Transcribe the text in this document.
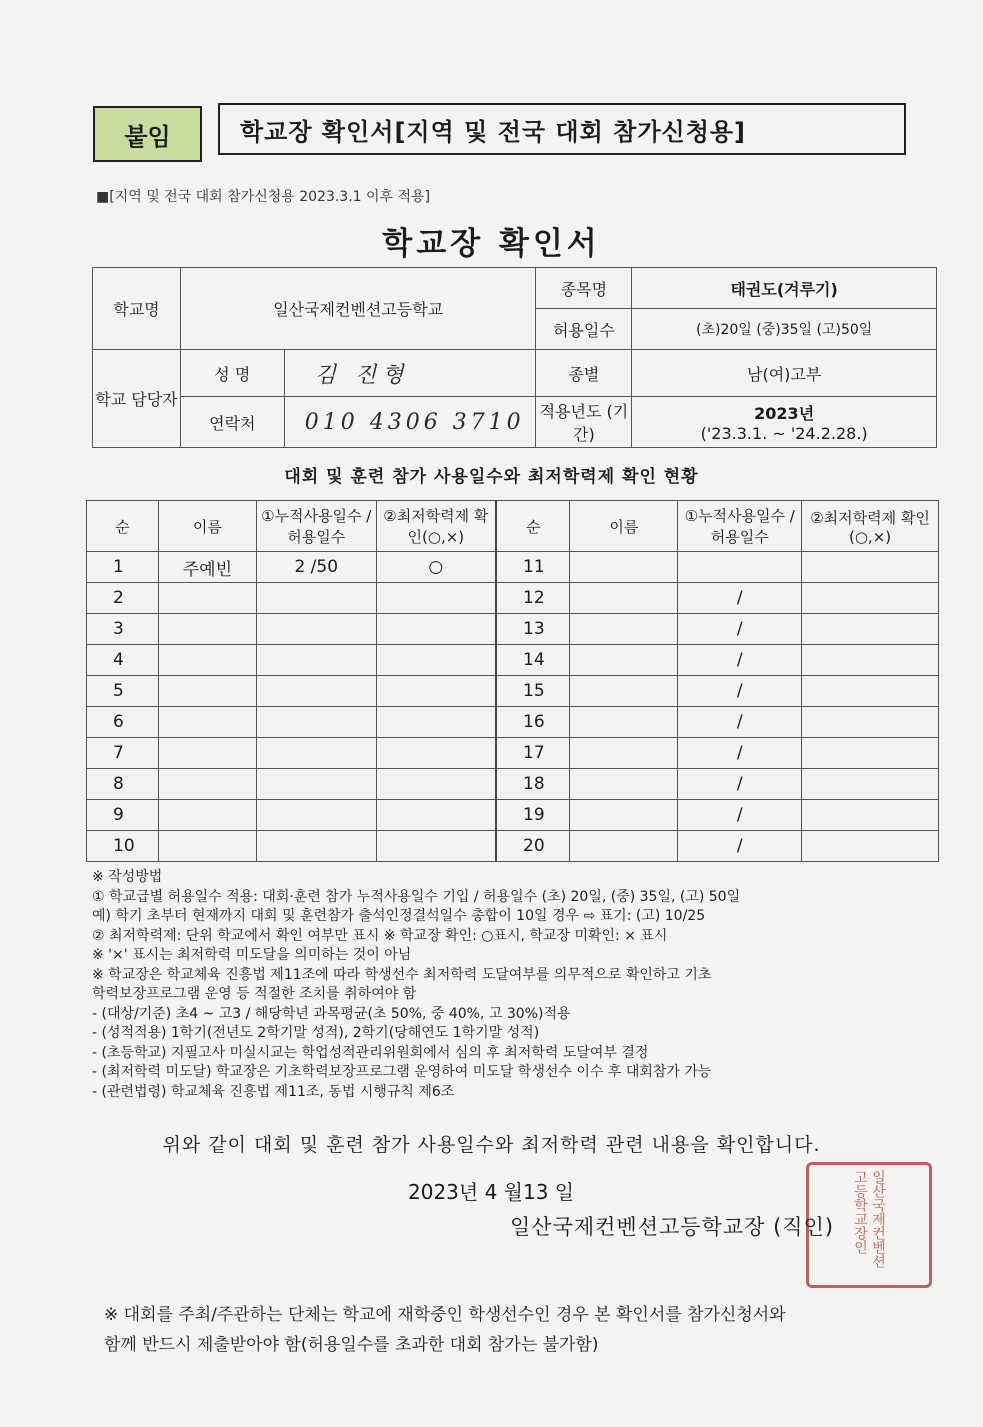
붙임	학교장 확인서[지역 및 전국 대회 참가신청용]
■[지역 및 전국 대회 참가신청용 2023.3.1 이후 적용]
학교장 확인서
학교명	일산국제컨벤션고등학교		종목명	태권도(겨루기)
			허용일수	(초)20일 (중)35일 (고)50일
학교 담당자	성 명	김 진형	종별	남(여)고부
	연락처	010 4306 3710	적용년도 (기간)	2023년
('23.3.1. ~ '24.2.28.)
대회 및 훈련 참가 사용일수와 최저학력제 확인 현황
순	이름	①누적사용일수 /허용일수	②최저학력제 확인(○,×)	순	이름	①누적사용일수 /허용일수	②최저학력제 확인(○,×)
1	주예빈	2 /50	○	11			
2				12		/	
3				13		/	
4				14		/	
5				15		/	
6				16		/	
7				17		/	
8				18		/	
9				19		/	
10				20		/	
※ 작성방법
① 학교급별 허용일수 적용: 대회·훈련 참가 누적사용일수 기입 / 허용일수 (초) 20일, (중) 35일, (고) 50일
예) 학기 초부터 현재까지 대회 및 훈련참가 출석인정결석일수 총합이 10일 경우 ⇨ 표기: (고) 10/25
② 최저학력제: 단위 학교에서 확인 여부만 표시 ※ 학교장 확인: ○표시, 학교장 미확인: × 표시
※ '×' 표시는 최저학력 미도달을 의미하는 것이 아님
※ 학교장은 학교체육 진흥법 제11조에 따라 학생선수 최저학력 도달여부를 의무적으로 확인하고 기초
학력보장프로그램 운영 등 적절한 조치를 취하여야 함
- (대상/기준) 초4 ~ 고3 / 해당학년 과목평균(초 50%, 중 40%, 고 30%)적용
- (성적적용) 1학기(전년도 2학기말 성적), 2학기(당해연도 1학기말 성적)
- (초등학교) 지필고사 미실시교는 학업성적관리위원회에서 심의 후 최저학력 도달여부 결정
- (최저학력 미도달) 학교장은 기초학력보장프로그램 운영하여 미도달 학생선수 이수 후 대회참가 가능
- (관련법령) 학교체육 진흥법 제11조, 동법 시행규칙 제6조
위와 같이 대회 및 훈련 참가 사용일수와 최저학력 관련 내용을 확인합니다.
2023년 4 월13 일	일산국제컨벤션고등학교장인
일산국제컨벤션고등학교장 (직인)
※ 대회를 주최/주관하는 단체는 학교에 재학중인 학생선수인 경우 본 확인서를 참가신청서와
함께 반드시 제출받아야 함(허용일수를 초과한 대회 참가는 불가함)
